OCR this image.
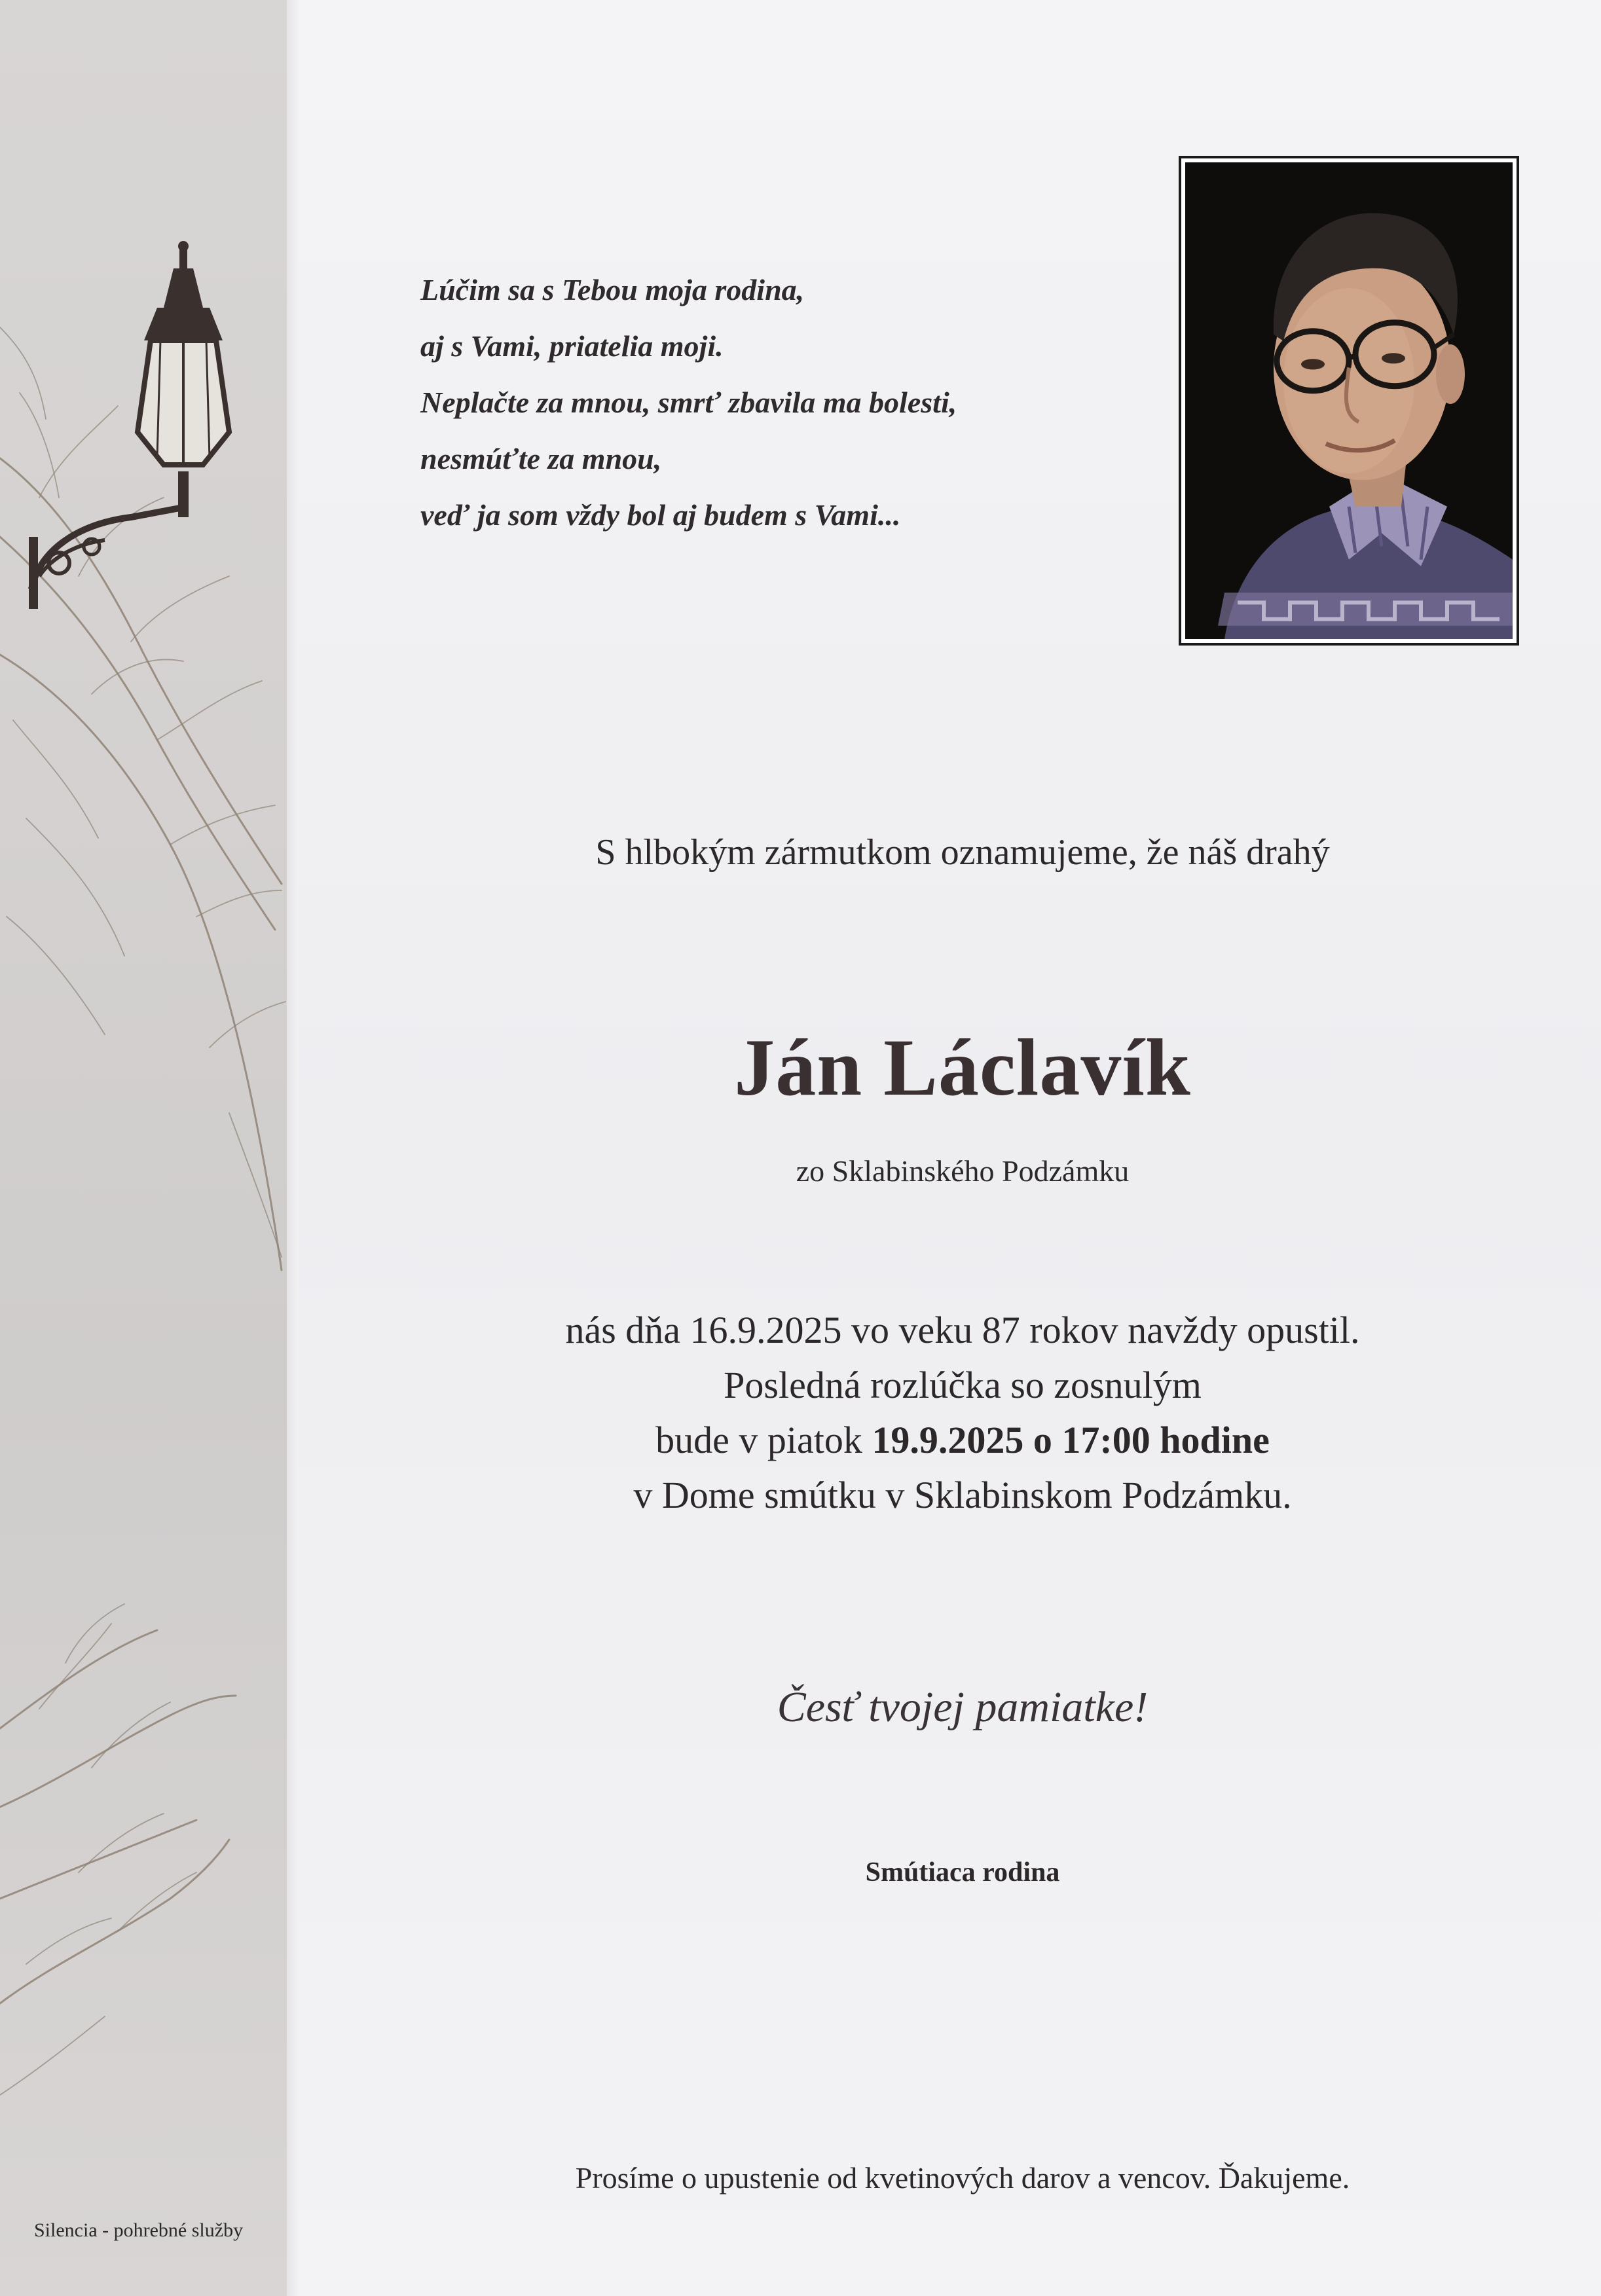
Silencia - pohrebné služby
Lúčim sa s Tebou moja rodina,
aj s Vami, priatelia moji.
Neplačte za mnou, smrť zbavila ma bolesti,
nesmúťte za mnou,
veď ja som vždy bol aj budem s Vami...
S hlbokým zármutkom oznamujeme, že náš drahý
Ján Láclavík
zo Sklabinského Podzámku
nás dňa 16.9.2025 vo veku 87 rokov navždy opustil.
Posledná rozlúčka so zosnulým
bude v piatok 19.9.2025 o 17:00 hodine
v Dome smútku v Sklabinskom Podzámku.
Česť tvojej pamiatke!
Smútiaca rodina
Prosíme o upustenie od kvetinových darov a vencov. Ďakujeme.
